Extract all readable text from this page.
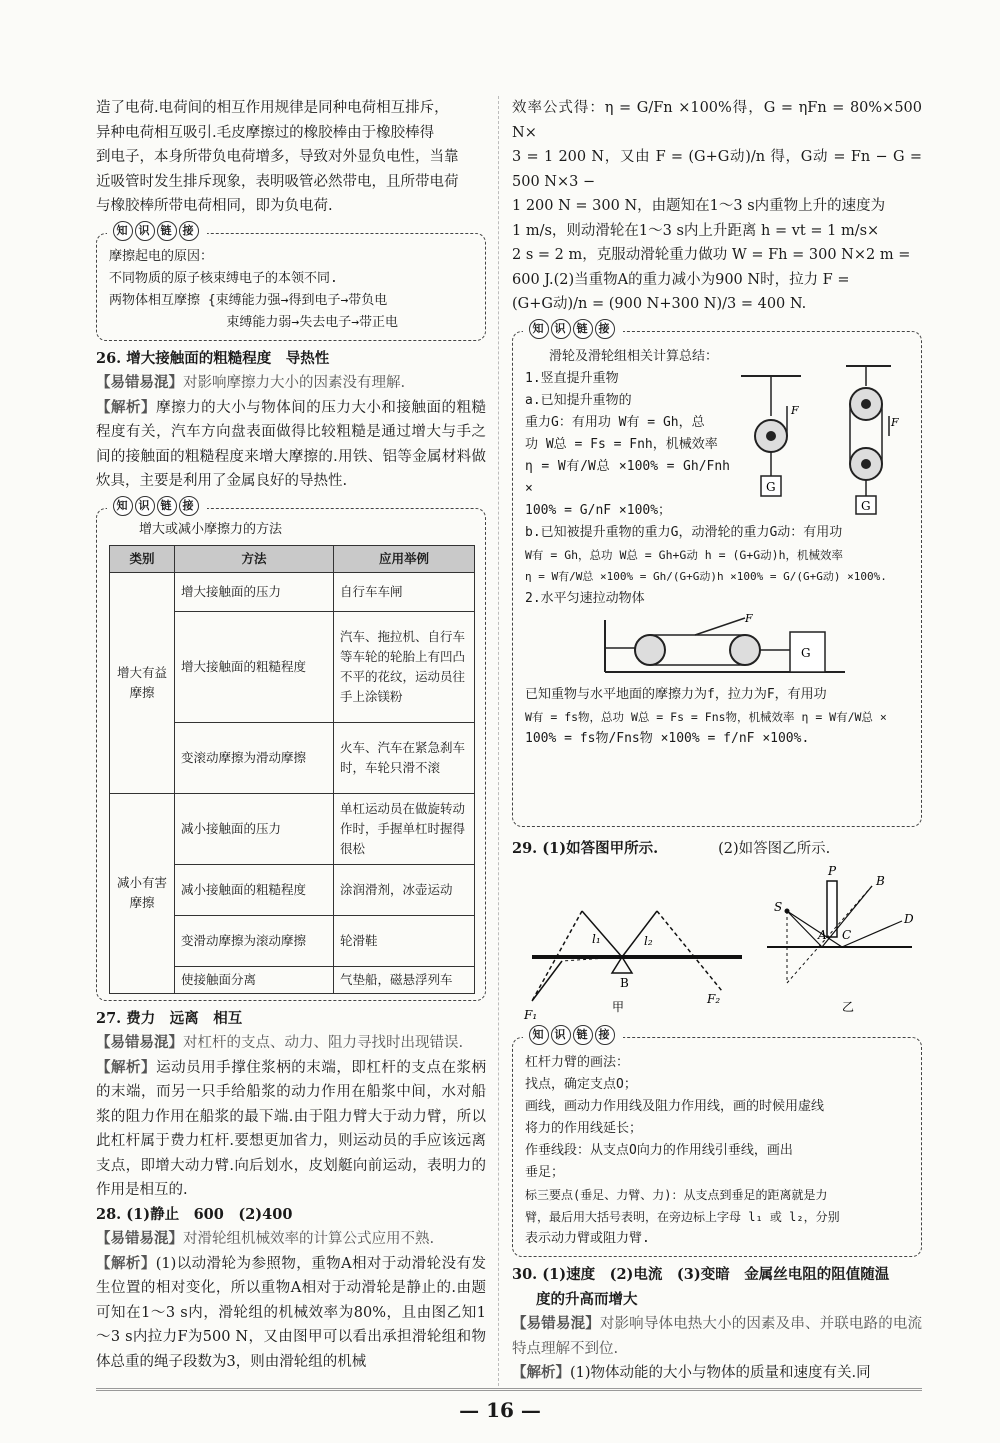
造了电荷.电荷间的相互作用规律是同种电荷相互排斥，

异种电荷相互吸引.毛皮摩擦过的橡胶棒由于橡胶棒得

到电子，本身所带负电荷增多，导致对外显负电性，当靠

近吸管时发生排斥现象，表明吸管必然带电，且所带电荷

与橡胶棒所带电荷相同，即为负电荷.

知 识 链 接

摩擦起电的原因：

不同物质的原子核束缚电子的本领不同.

两物体相互摩擦 {束缚能力强→得到电子→带负电

束缚能力弱→失去电子→带正电

26. 增大接触面的粗糙程度　导热性

【易错易混】对影响摩擦力大小的因素没有理解.

【解析】摩擦力的大小与物体间的压力大小和接触面的粗糙程度有关，汽车方向盘表面做得比较粗糙是通过增大与手之间的接触面的粗糙程度来增大摩擦的.用铁、铝等金属材料做炊具，主要是利用了金属良好的导热性.

知 识 链 接

增大或减小摩擦力的方法

类别	方法	应用举例
增大有益摩擦	增大接触面的压力	自行车车闸
	增大接触面的粗糙程度	汽车、拖拉机、自行车等车轮的轮胎上有凹凸不平的花纹，运动员往手上涂镁粉
	变滚动摩擦为滑动摩擦	火车、汽车在紧急刹车时，车轮只滑不滚
减小有害摩擦	减小接触面的压力	单杠运动员在做旋转动作时，手握单杠时握得很松
	减小接触面的粗糙程度	涂润滑剂，冰壶运动
	变滑动摩擦为滚动摩擦	轮滑鞋
	使接触面分离	气垫船，磁悬浮列车

27. 费力　远离　相互

【易错易混】对杠杆的支点、动力、阻力寻找时出现错误.

【解析】运动员用手撑住浆柄的末端，即杠杆的支点在浆柄的末端，而另一只手给船浆的动力作用在船浆中间，水对船浆的阻力作用在船浆的最下端.由于阻力臂大于动力臂，所以此杠杆属于费力杠杆.要想更加省力，则运动员的手应该远离支点，即增大动力臂.向后划水，皮划艇向前运动，表明力的作用是相互的.

28. (1)静止　600　(2)400

【易错易混】对滑轮组机械效率的计算公式应用不熟.

【解析】(1)以动滑轮为参照物，重物A相对于动滑轮没有发生位置的相对变化，所以重物A相对于动滑轮是静止的.由题可知在1～3 s内，滑轮组的机械效率为80%，且由图乙知1～3 s内拉力F为500 N，又由图甲可以看出承担滑轮组和物体总重的绳子段数为3，则由滑轮组的机械

效率公式得：η = G/Fn ×100%得，G = ηFn = 80%×500 N×

3 = 1 200 N，又由 F = (G+G动)/n 得，G动 = Fn − G = 500 N×3 −

1 200 N = 300 N，由题知在1～3 s内重物上升的速度为

1 m/s，则动滑轮在1～3 s内上升距离 h = vt = 1 m/s×

2 s = 2 m，克服动滑轮重力做功 W = Fh = 300 N×2 m =

600 J.(2)当重物A的重力减小为900 N时，拉力 F =

(G+G动)/n = (900 N+300 N)/3 = 400 N.

知 识 链 接

滑轮及滑轮组相关计算总结：

1.竖直提升重物

a.已知提升重物的

重力G：有用功 W有 = Gh，总

功 W总 = Fs = Fnh，机械效率

η = W有/W总 ×100% = Gh/Fnh ×

100% = G/nF ×100%；

G
F
G
F

b.已知被提升重物的重力G，动滑轮的重力G动：有用功

W有 = Gh，总功 W总 = Gh+G动 h = (G+G动)h，机械效率

η = W有/W总 ×100% = Gh/(G+G动)h ×100% = G/(G+G动) ×100%.

2.水平匀速拉动物体

F
G

已知重物与水平地面的摩擦力为f，拉力为F，有用功

W有 = fs物，总功 W总 = Fs = Fns物，机械效率 η = W有/W总 ×

100% = fs物/Fns物 ×100% = f/nF ×100%.

29. (1)如答图甲所示.	(2)如答图乙所示.

B
F₁
F₂
l₁	l₂
甲
P
S
A C
B
D
乙
知 识 链 接

杠杆力臂的画法：

找点，确定支点O；

画线，画动力作用线及阻力作用线，画的时候用虚线

将力的作用线延长；

作垂线段：从支点O向力的作用线引垂线，画出

垂足；

标三要点(垂足、力臂、力)：从支点到垂足的距离就是力

臂，最后用大括号表明，在旁边标上字母 l₁ 或 l₂，分别

表示动力臂或阻力臂.

30. (1)速度　(2)电流　(3)变暗　金属丝电阻的阻值随温

度的升高而增大

【易错易混】对影响导体电热大小的因素及串、并联电路的电流特点理解不到位.

【解析】(1)物体动能的大小与物体的质量和速度有关.同

— 16 —
